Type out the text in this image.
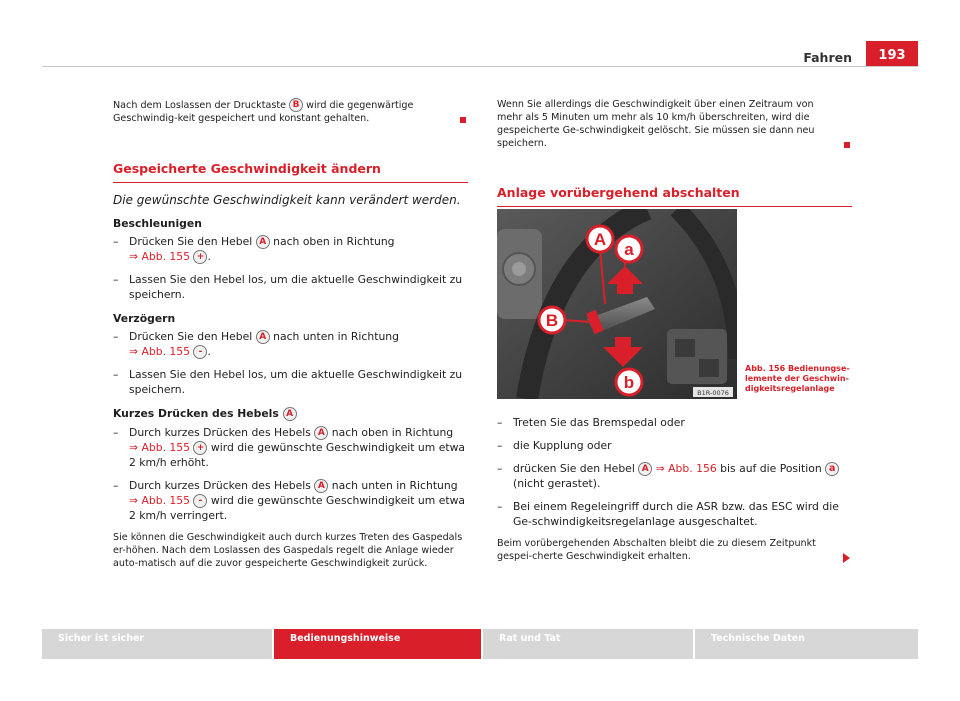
Fahren	193

Nach dem Loslassen der Drucktaste B wird die gegenwärtige Geschwindig-keit gespeichert und konstant gehalten.

Gespeicherte Geschwindigkeit ändern

Die gewünschte Geschwindigkeit kann verändert werden.

Beschleunigen
– Drücken Sie den Hebel A nach oben in Richtung
⇒ Abb. 155 + .
– Lassen Sie den Hebel los, um die aktuelle Geschwindigkeit zu speichern.
Verzögern
– Drücken Sie den Hebel A nach unten in Richtung
⇒ Abb. 155 - .
– Lassen Sie den Hebel los, um die aktuelle Geschwindigkeit zu speichern.
Kurzes Drücken des Hebels A
– Durch kurzes Drücken des Hebels A nach oben in Richtung
⇒ Abb. 155 + wird die gewünschte Geschwindigkeit um etwa 2 km/h erhöht.
– Durch kurzes Drücken des Hebels A nach unten in Richtung
⇒ Abb. 155 - wird die gewünschte Geschwindigkeit um etwa 2 km/h verringert.

Sie können die Geschwindigkeit auch durch kurzes Treten des Gaspedals er-höhen. Nach dem Loslassen des Gaspedals regelt die Anlage wieder auto-matisch auf die zuvor gespeicherte Geschwindigkeit zurück.

Wenn Sie allerdings die Geschwindigkeit über einen Zeitraum von mehr als 5 Minuten um mehr als 10 km/h überschreiten, wird die gespeicherte Ge-schwindigkeit gelöscht. Sie müssen sie dann neu speichern.

Anlage vorübergehend abschalten
A
a
B
b
B1R-0076
Abb. 156 Bedienungse-
lemente der Geschwin-
digkeitsregelanlage
– Treten Sie das Bremspedal oder
– die Kupplung oder
– drücken Sie den Hebel A ⇒ Abb. 156 bis auf die Position a
(nicht gerastet).
– Bei einem Regeleingriff durch die ASR bzw. das ESC wird die Ge-schwindigkeitsregelanlage ausgeschaltet.

Beim vorübergehenden Abschalten bleibt die zu diesem Zeitpunkt gespei-cherte Geschwindigkeit erhalten.

Sicher ist sicher	Bedienungshinweise	Rat und Tat	Technische Daten
